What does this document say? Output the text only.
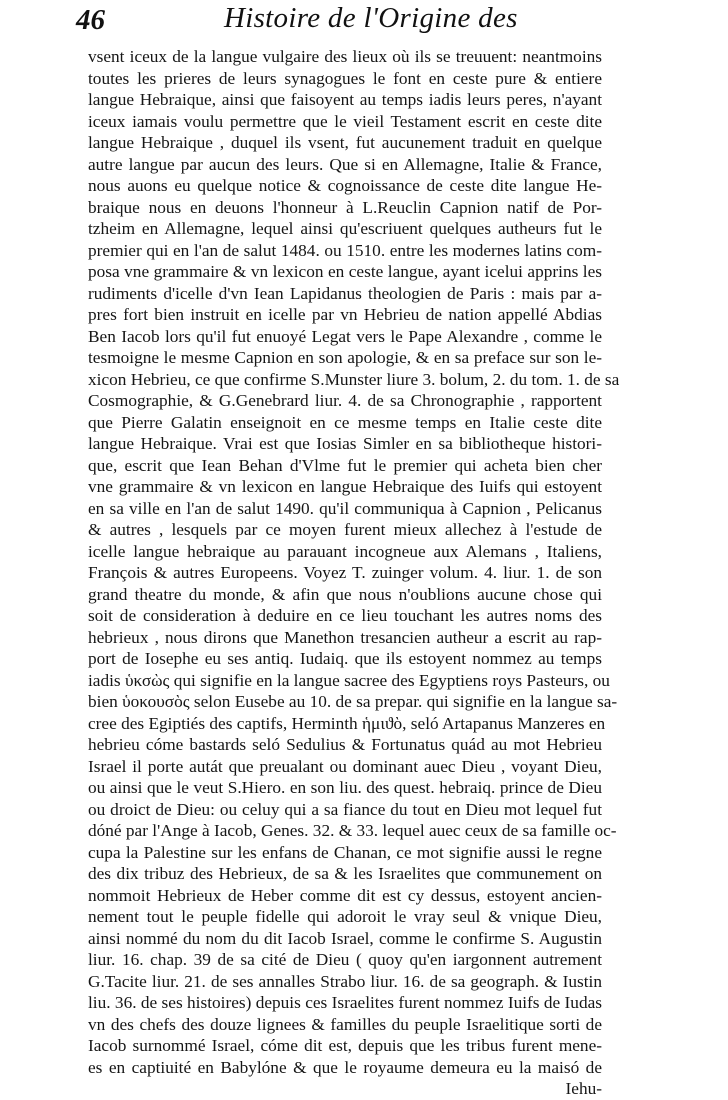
46	Histoire de l'Origine des
vsent iceux de la langue vulgaire des lieux où ils se treuuent: neantmoins
toutes les prieres de leurs synagogues le font en ceste pure & entiere
langue Hebraique, ainsi que faisoyent au temps iadis leurs peres, n'ayant
iceux iamais voulu permettre que le vieil Testament escrit en ceste dite
langue Hebraique , duquel ils vsent, fut aucunement traduit en quelque
autre langue par aucun des leurs. Que si en Allemagne, Italie & France,
nous auons eu quelque notice & cognoissance de ceste dite langue He-
braique nous en deuons l'honneur à L.Reuclin Capnion natif de Por-
tzheim en Allemagne, lequel ainsi qu'escriuent quelques autheurs fut le
premier qui en l'an de salut 1484. ou 1510. entre les modernes latins com-
posa vne grammaire & vn lexicon en ceste langue, ayant icelui apprins les
rudiments d'icelle d'vn Iean Lapidanus theologien de Paris : mais par a-
pres fort bien instruit en icelle par vn Hebrieu de nation appellé Abdias
Ben Iacob lors qu'il fut enuoyé Legat vers le Pape Alexandre , comme le
tesmoigne le mesme Capnion en son apologie, & en sa preface sur son le-
xicon Hebrieu, ce que confirme S.Munster liure 3. bolum, 2. du tom. 1. de sa
Cosmographie, & G.Genebrard liur. 4. de sa Chronographie , rapportent
que Pierre Galatin enseignoit en ce mesme temps en Italie ceste dite
langue Hebraique. Vrai est que Iosias Simler en sa bibliotheque histori-
que, escrit que Iean Behan d'Vlme fut le premier qui acheta bien cher
vne grammaire & vn lexicon en langue Hebraique des Iuifs qui estoyent
en sa ville en l'an de salut 1490. qu'il communiqua à Capnion , Pelicanus
& autres , lesquels par ce moyen furent mieux allechez à l'estude de
icelle langue hebraique au parauant incogneue aux Alemans , Italiens,
François & autres Europeens. Voyez T. zuinger volum. 4. liur. 1. de son
grand theatre du monde, & afin que nous n'oublions aucune chose qui
soit de consideration à deduire en ce lieu touchant les autres noms des
hebrieux , nous dirons que Manethon tresancien autheur a escrit au rap-
port de Iosephe eu ses antiq. Iudaiq. que ils estoyent nommez au temps
iadis ὑκσὼς qui signifie en la langue sacree des Egyptiens roys Pasteurs, ou
bien ὑοκουσὸς selon Eusebe au 10. de sa prepar. qui signifie en la langue sa-
cree des Egiptiés des captifs, Herminth ἡμιϑὸ, seló Artapanus Manzeres en
hebrieu cóme bastards seló Sedulius & Fortunatus quád au mot Hebrieu
Israel il porte autát que preualant ou dominant auec Dieu , voyant Dieu,
ou ainsi que le veut S.Hiero. en son liu. des quest. hebraiq. prince de Dieu
ou droict de Dieu: ou celuy qui a sa fiance du tout en Dieu mot lequel fut
dóné par l'Ange à Iacob, Genes. 32. & 33. lequel auec ceux de sa famille oc-
cupa la Palestine sur les enfans de Chanan, ce mot signifie aussi le regne
des dix tribuz des Hebrieux, de sa & les Israelites que communement on
nommoit Hebrieux de Heber comme dit est cy dessus, estoyent ancien-
nement tout le peuple fidelle qui adoroit le vray seul & vnique Dieu,
ainsi nommé du nom du dit Iacob Israel, comme le confirme S. Augustin
liur. 16. chap. 39 de sa cité de Dieu ( quoy qu'en iargonnent autrement
G.Tacite liur. 21. de ses annalles Strabo liur. 16. de sa geograph. & Iustin
liu. 36. de ses histoires) depuis ces Israelites furent nommez Iuifs de Iudas
vn des chefs des douze lignees & familles du peuple Israelitique sorti de
Iacob surnommé Israel, cóme dit est, depuis que les tribus furent mene-
es en captiuité en Babylóne & que le royaume demeura eu la maisó de
Iehu-
